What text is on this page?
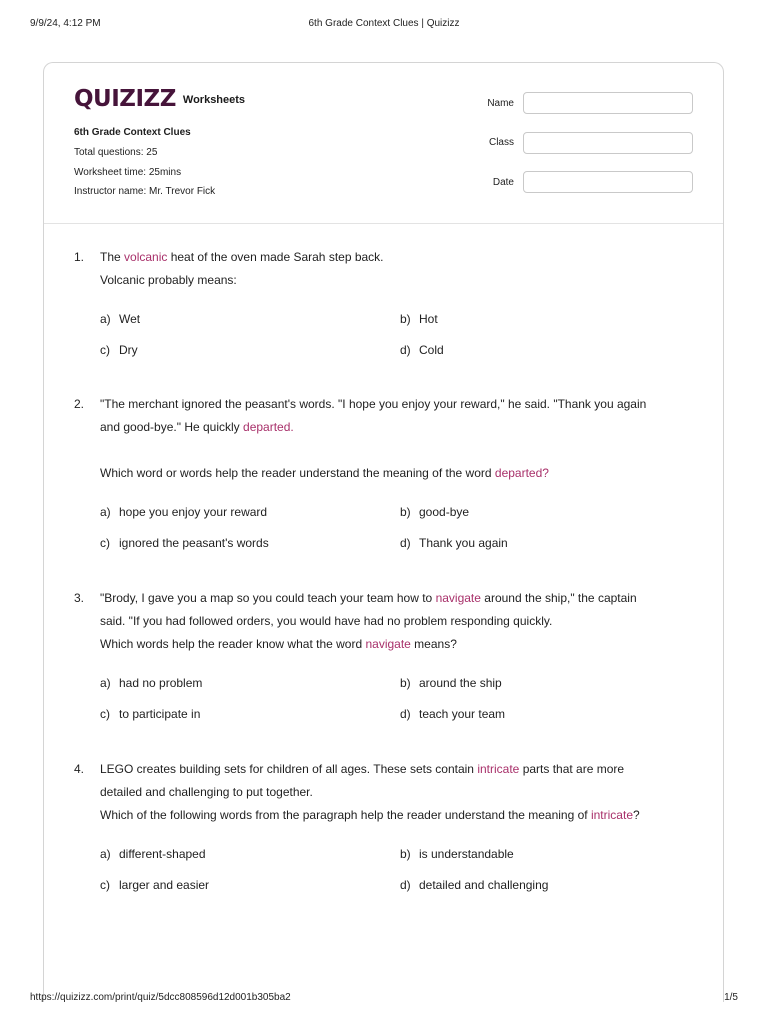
9/9/24, 4:12 PM	6th Grade Context Clues | Quizizz
QUIZIZZ Worksheets
6th Grade Context Clues
Total questions: 25
Worksheet time: 25mins
Instructor name: Mr. Trevor Fick
Name
Class
Date
1. The volcanic heat of the oven made Sarah step back.

Volcanic probably means:

a) Wet	b) Hot
c) Dry	d) Cold
2. "The merchant ignored the peasant's words. "I hope you enjoy your reward," he said. "Thank you again

and good-bye." He quickly departed.

Which word or words help the reader understand the meaning of the word departed?

a) hope you enjoy your reward	b) good-bye
c) ignored the peasant's words	d) Thank you again
3. "Brody, I gave you a map so you could teach your team how to navigate around the ship," the captain

said. "If you had followed orders, you would have had no problem responding quickly.

Which words help the reader know what the word navigate means?

a) had no problem	b) around the ship
c) to participate in	d) teach your team
4. LEGO creates building sets for children of all ages. These sets contain intricate parts that are more

detailed and challenging to put together.

Which of the following words from the paragraph help the reader understand the meaning of intricate?

a) different-shaped	b) is understandable
c) larger and easier	d) detailed and challenging
https://quizizz.com/print/quiz/5dcc808596d12d001b305ba2	1/5
